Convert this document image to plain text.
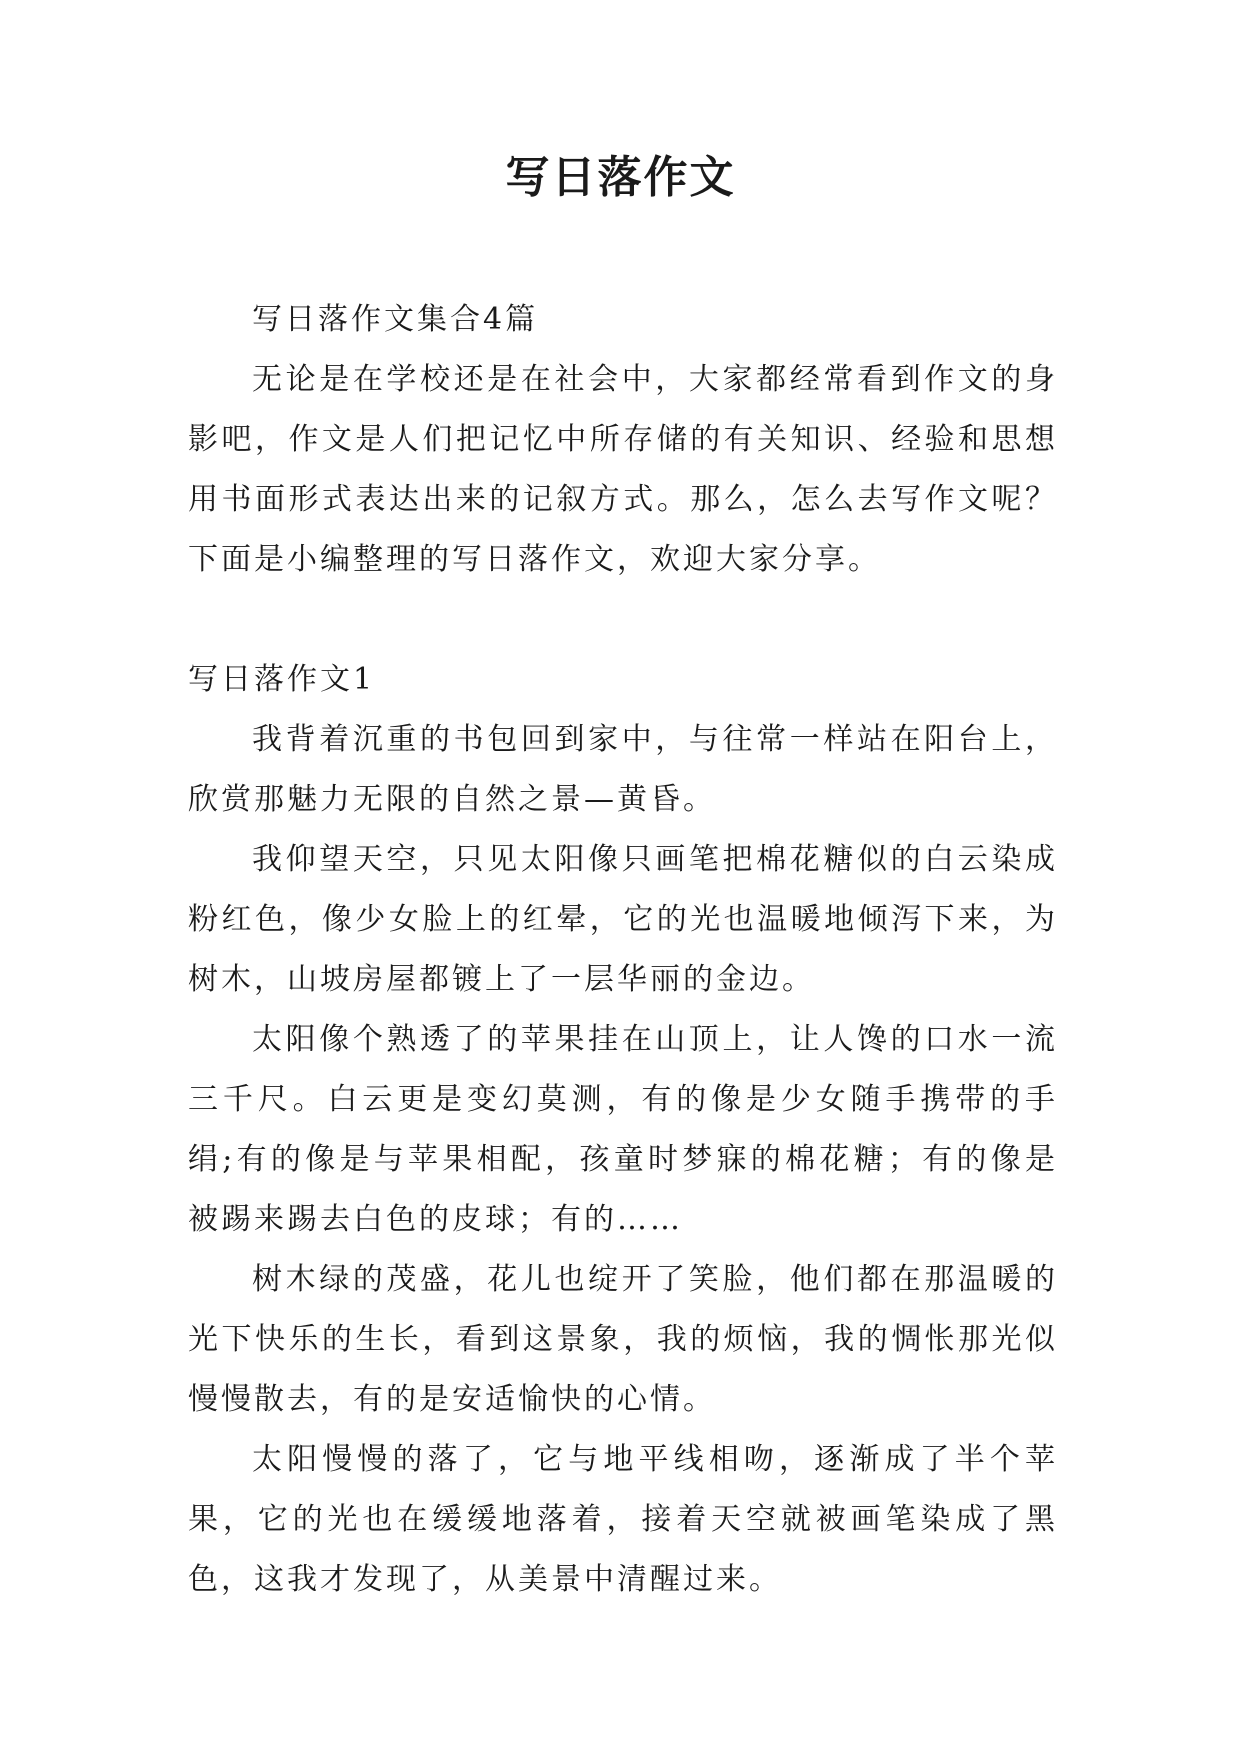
写日落作文

写日落作文集合4篇

无论是在学校还是在社会中，大家都经常看到作文的身影吧，作文是人们把记忆中所存储的有关知识、经验和思想用书面形式表达出来的记叙方式。那么，怎么去写作文呢？下面是小编整理的写日落作文，欢迎大家分享。

写日落作文1

我背着沉重的书包回到家中，与往常一样站在阳台上，欣赏那魅力无限的自然之景—黄昏。

我仰望天空，只见太阳像只画笔把棉花糖似的白云染成粉红色，像少女脸上的红晕，它的光也温暖地倾泻下来，为树木，山坡房屋都镀上了一层华丽的金边。

太阳像个熟透了的苹果挂在山顶上，让人馋的口水一流三千尺。白云更是变幻莫测，有的像是少女随手携带的手绢;有的像是与苹果相配，孩童时梦寐的棉花糖；有的像是被踢来踢去白色的皮球；有的……

树木绿的茂盛，花儿也绽开了笑脸，他们都在那温暖的光下快乐的生长，看到这景象，我的烦恼，我的惆怅那光似慢慢散去，有的是安适愉快的心情。

太阳慢慢的落了，它与地平线相吻，逐渐成了半个苹果，它的光也在缓缓地落着，接着天空就被画笔染成了黑色，这我才发现了，从美景中清醒过来。
